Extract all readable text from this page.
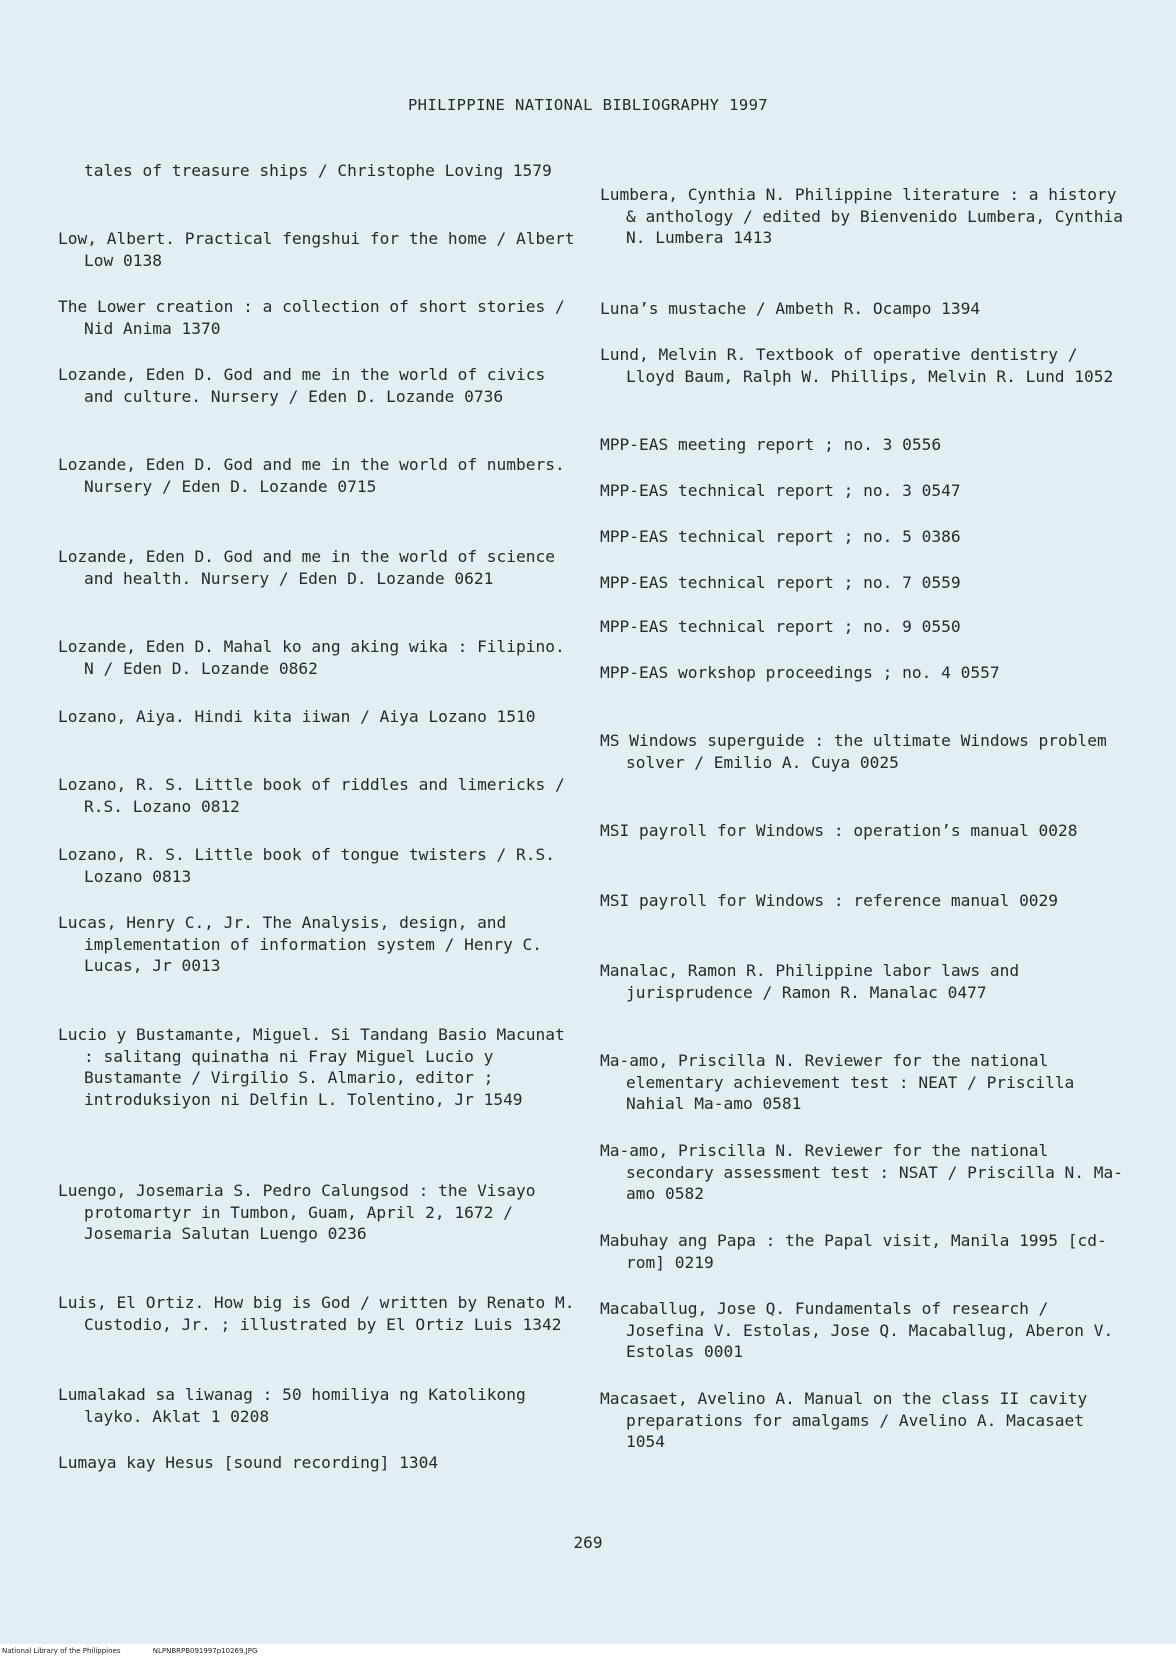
PHILIPPINE NATIONAL BIBLIOGRAPHY 1997
tales of treasure ships / Christophe Loving 1579
Low, Albert. Practical fengshui for the home / Albert Low 0138
The Lower creation : a collection of short stories / Nid Anima 1370
Lozande, Eden D. God and me in the world of civics and culture. Nursery / Eden D. Lozande 0736
Lozande, Eden D. God and me in the world of numbers. Nursery / Eden D. Lozande 0715
Lozande, Eden D. God and me in the world of science and health. Nursery / Eden D. Lozande 0621
Lozande, Eden D. Mahal ko ang aking wika : Filipino. N / Eden D. Lozande 0862
Lozano, Aiya. Hindi kita iiwan / Aiya Lozano 1510
Lozano, R. S. Little book of riddles and limericks / R.S. Lozano 0812
Lozano, R. S. Little book of tongue twisters / R.S. Lozano 0813
Lucas, Henry C., Jr. The Analysis, design, and implementation of information system / Henry C. Lucas, Jr 0013
Lucio y Bustamante, Miguel. Si Tandang Basio Macunat : salitang quinatha ni Fray Miguel Lucio y Bustamante / Virgilio S. Almario, editor ; introduksiyon ni Delfin L. Tolentino, Jr 1549
Luengo, Josemaria S. Pedro Calungsod : the Visayo protomartyr in Tumbon, Guam, April 2, 1672 / Josemaria Salutan Luengo 0236
Luis, El Ortiz. How big is God / written by Renato M. Custodio, Jr. ; illustrated by El Ortiz Luis 1342
Lumalakad sa liwanag : 50 homiliya ng Katolikong layko. Aklat 1 0208
Lumaya kay Hesus [sound recording] 1304
Lumbera, Cynthia N. Philippine literature : a history & anthology / edited by Bienvenido Lumbera, Cynthia N. Lumbera 1413
Luna’s mustache / Ambeth R. Ocampo 1394
Lund, Melvin R. Textbook of operative dentistry / Lloyd Baum, Ralph W. Phillips, Melvin R. Lund 1052
MPP-EAS meeting report ; no. 3 0556
MPP-EAS technical report ; no. 3 0547
MPP-EAS technical report ; no. 5 0386
MPP-EAS technical report ; no. 7 0559
MPP-EAS technical report ; no. 9 0550
MPP-EAS workshop proceedings ; no. 4 0557
MS Windows superguide : the ultimate Windows problem solver / Emilio A. Cuya 0025
MSI payroll for Windows : operation’s manual 0028
MSI payroll for Windows : reference manual 0029
Manalac, Ramon R. Philippine labor laws and jurisprudence / Ramon R. Manalac 0477
Ma-amo, Priscilla N. Reviewer for the national elementary achievement test : NEAT / Priscilla Nahial Ma-amo 0581
Ma-amo, Priscilla N. Reviewer for the national secondary assessment test : NSAT / Priscilla N. Ma-amo 0582
Mabuhay ang Papa : the Papal visit, Manila 1995 [cd-rom] 0219
Macaballug, Jose Q. Fundamentals of research / Josefina V. Estolas, Jose Q. Macaballug, Aberon V. Estolas 0001
Macasaet, Avelino A. Manual on the class II cavity preparations for amalgams / Avelino A. Macasaet 1054
269
National Library of the Philippines	NLPNBRPB091997p10269.JPG
